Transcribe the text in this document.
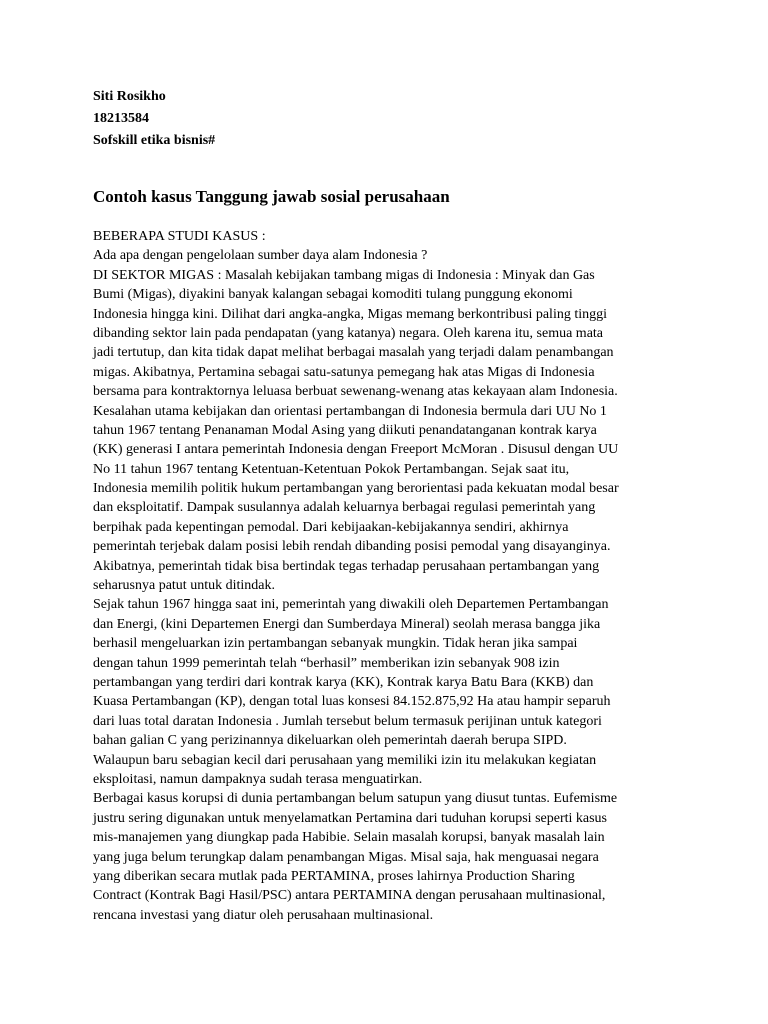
Siti Rosikho

18213584

Sofskill etika bisnis#

Contoh kasus Tanggung jawab sosial perusahaan
BEBERAPA STUDI KASUS :
Ada apa dengan pengelolaan sumber daya alam Indonesia ?
DI SEKTOR MIGAS : Masalah kebijakan tambang migas di Indonesia : Minyak dan Gas
Bumi (Migas), diyakini banyak kalangan sebagai komoditi tulang punggung ekonomi
Indonesia hingga kini. Dilihat dari angka-angka, Migas memang berkontribusi paling tinggi
dibanding sektor lain pada pendapatan (yang katanya) negara. Oleh karena itu, semua mata
jadi tertutup, dan kita tidak dapat melihat berbagai masalah yang terjadi dalam penambangan
migas. Akibatnya, Pertamina sebagai satu-satunya pemegang hak atas Migas di Indonesia
bersama para kontraktornya leluasa berbuat sewenang-wenang atas kekayaan alam Indonesia.
Kesalahan utama kebijakan dan orientasi pertambangan di Indonesia bermula dari UU No 1
tahun 1967 tentang Penanaman Modal Asing yang diikuti penandatanganan kontrak karya
(KK) generasi I antara pemerintah Indonesia dengan Freeport McMoran . Disusul dengan UU
No 11 tahun 1967 tentang Ketentuan-Ketentuan Pokok Pertambangan. Sejak saat itu,
Indonesia memilih politik hukum pertambangan yang berorientasi pada kekuatan modal besar
dan eksploitatif. Dampak susulannya adalah keluarnya berbagai regulasi pemerintah yang
berpihak pada kepentingan pemodal. Dari kebijaakan-kebijakannya sendiri, akhirnya
pemerintah terjebak dalam posisi lebih rendah dibanding posisi pemodal yang disayanginya.
Akibatnya, pemerintah tidak bisa bertindak tegas terhadap perusahaan pertambangan yang
seharusnya patut untuk ditindak.
Sejak tahun 1967 hingga saat ini, pemerintah yang diwakili oleh Departemen Pertambangan
dan Energi, (kini Departemen Energi dan Sumberdaya Mineral) seolah merasa bangga jika
berhasil mengeluarkan izin pertambangan sebanyak mungkin. Tidak heran jika sampai
dengan tahun 1999 pemerintah telah “berhasil” memberikan izin sebanyak 908 izin
pertambangan yang terdiri dari kontrak karya (KK), Kontrak karya Batu Bara (KKB) dan
Kuasa Pertambangan (KP), dengan total luas konsesi 84.152.875,92 Ha atau hampir separuh
dari luas total daratan Indonesia . Jumlah tersebut belum termasuk perijinan untuk kategori
bahan galian C yang perizinannya dikeluarkan oleh pemerintah daerah berupa SIPD.
Walaupun baru sebagian kecil dari perusahaan yang memiliki izin itu melakukan kegiatan
eksploitasi, namun dampaknya sudah terasa menguatirkan.
Berbagai kasus korupsi di dunia pertambangan belum satupun yang diusut tuntas. Eufemisme
justru sering digunakan untuk menyelamatkan Pertamina dari tuduhan korupsi seperti kasus
mis-manajemen yang diungkap pada Habibie. Selain masalah korupsi, banyak masalah lain
yang juga belum terungkap dalam penambangan Migas. Misal saja, hak menguasai negara
yang diberikan secara mutlak pada PERTAMINA, proses lahirnya Production Sharing
Contract (Kontrak Bagi Hasil/PSC) antara PERTAMINA dengan perusahaan multinasional,
rencana investasi yang diatur oleh perusahaan multinasional.
